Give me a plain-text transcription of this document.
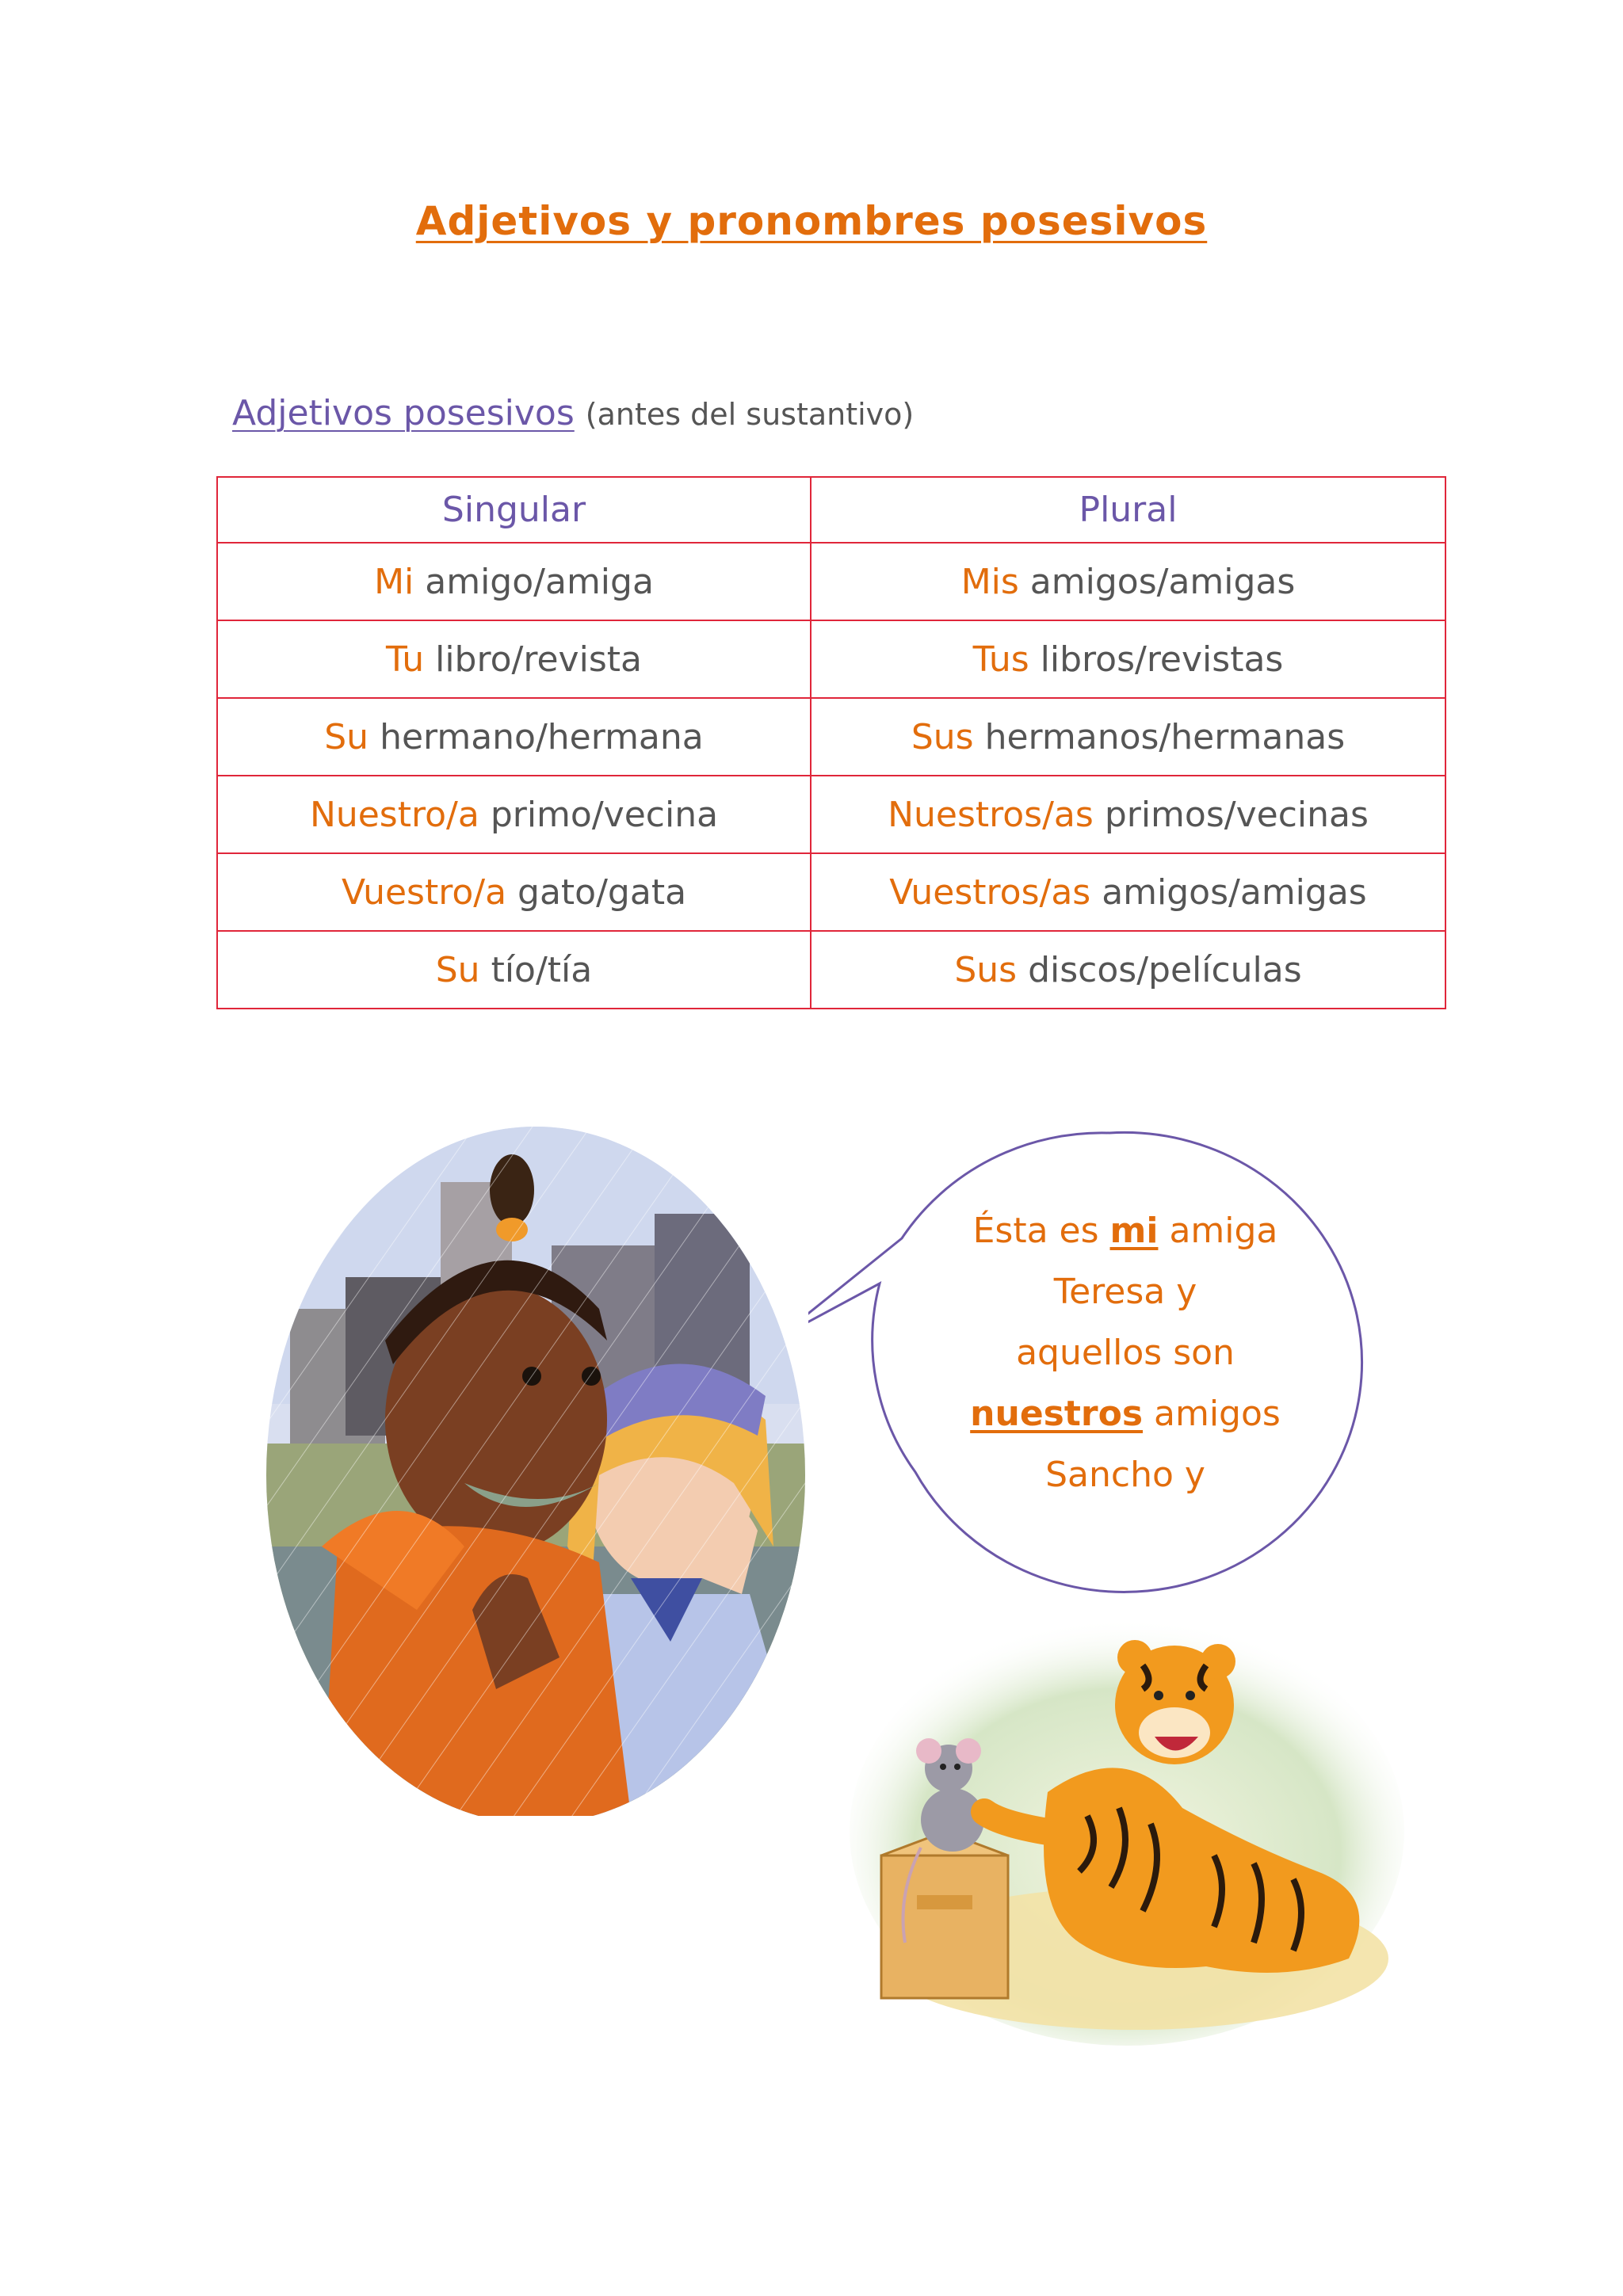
Adjetivos y pronombres posesivos
Adjetivos posesivos (antes del sustantivo)
Singular	Plural
Mi amigo/amiga	Mis amigos/amigas
Tu libro/revista	Tus libros/revistas
Su hermano/hermana	Sus hermanos/hermanas
Nuestro/a primo/vecina	Nuestros/as primos/vecinas
Vuestro/a gato/gata	Vuestros/as amigos/amigas
Su tío/tía	Sus discos/películas
Ésta es mi amiga
Teresa y
aquellos son
nuestros amigos
Sancho y
